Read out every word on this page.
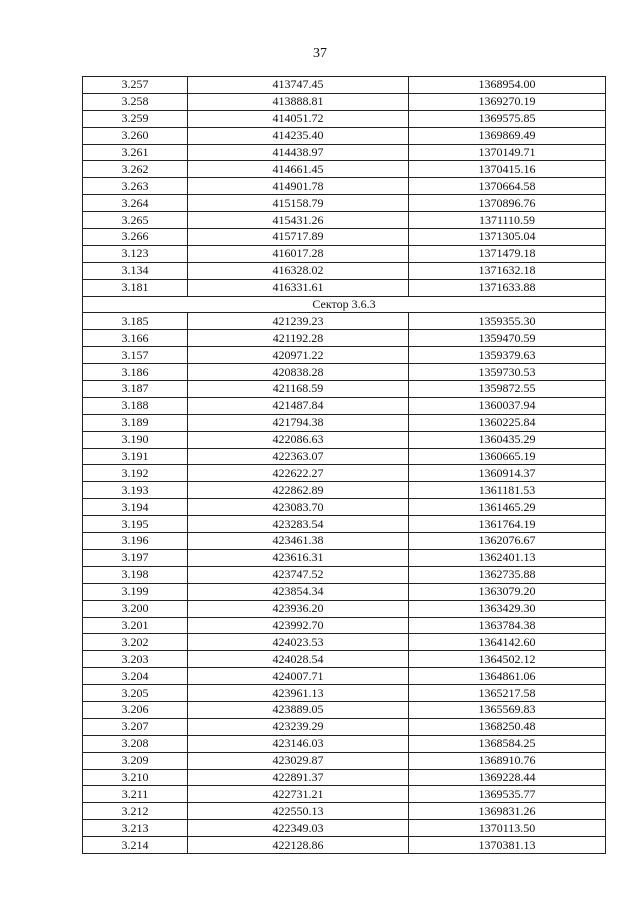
37
3.257	413747.45	1368954.00
3.258	413888.81	1369270.19
3.259	414051.72	1369575.85
3.260	414235.40	1369869.49
3.261	414438.97	1370149.71
3.262	414661.45	1370415.16
3.263	414901.78	1370664.58
3.264	415158.79	1370896.76
3.265	415431.26	1371110.59
3.266	415717.89	1371305.04
3.123	416017.28	1371479.18
3.134	416328.02	1371632.18
3.181	416331.61	1371633.88
Сектор 3.6.3		
3.185	421239.23	1359355.30
3.166	421192.28	1359470.59
3.157	420971.22	1359379.63
3.186	420838.28	1359730.53
3.187	421168.59	1359872.55
3.188	421487.84	1360037.94
3.189	421794.38	1360225.84
3.190	422086.63	1360435.29
3.191	422363.07	1360665.19
3.192	422622.27	1360914.37
3.193	422862.89	1361181.53
3.194	423083.70	1361465.29
3.195	423283.54	1361764.19
3.196	423461.38	1362076.67
3.197	423616.31	1362401.13
3.198	423747.52	1362735.88
3.199	423854.34	1363079.20
3.200	423936.20	1363429.30
3.201	423992.70	1363784.38
3.202	424023.53	1364142.60
3.203	424028.54	1364502.12
3.204	424007.71	1364861.06
3.205	423961.13	1365217.58
3.206	423889.05	1365569.83
3.207	423239.29	1368250.48
3.208	423146.03	1368584.25
3.209	423029.87	1368910.76
3.210	422891.37	1369228.44
3.211	422731.21	1369535.77
3.212	422550.13	1369831.26
3.213	422349.03	1370113.50
3.214	422128.86	1370381.13
